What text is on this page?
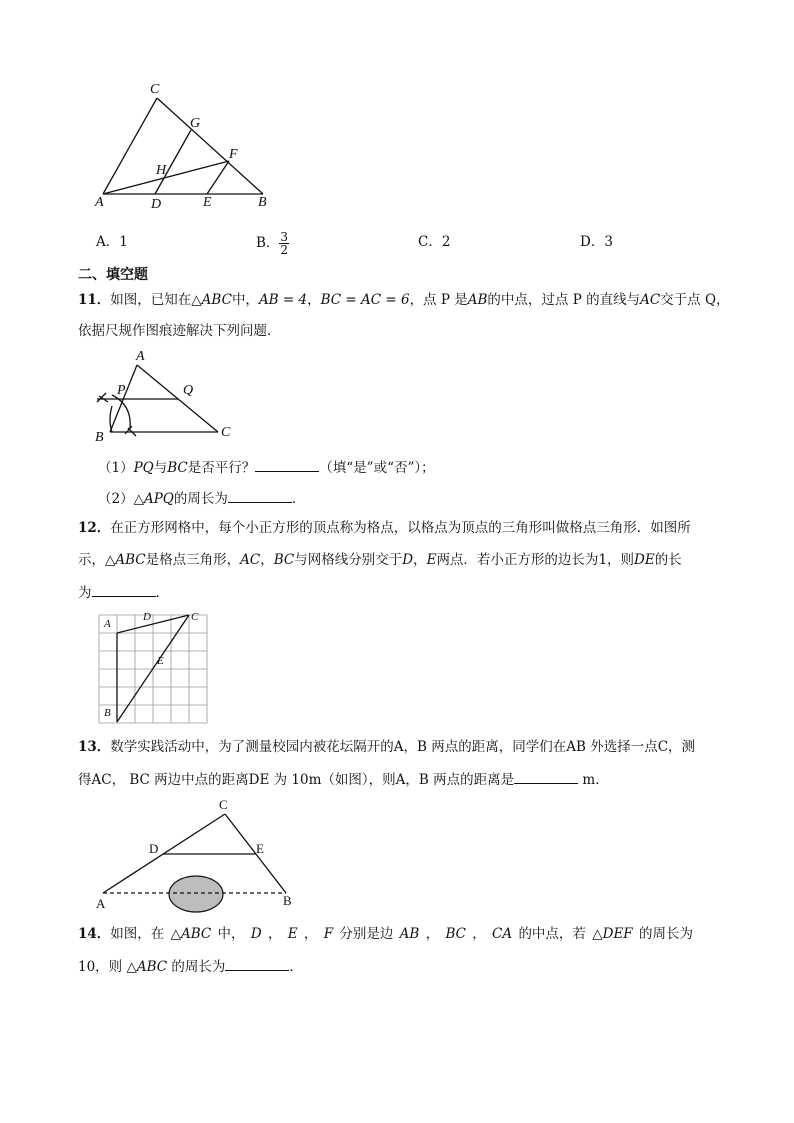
C
G
F
H
A	D	E	B
A．1	B． $\frac{3}{2}$	C．2	D．3
二、填空题
11．如图，已知在△ABC中，AB = 4，BC = AC = 6，点 P 是AB的中点，过点 P 的直线与AC交于点 Q，
依据尺规作图痕迹解决下列问题．
A
P	Q
B	C
（1）PQ与BC是否平行？	（填“是”或“否”）；
（2）△APQ的周长为	．
12．在正方形网格中，每个小正方形的顶点称为格点，以格点为顶点的三角形叫做格点三角形．如图所
示，△ABC是格点三角形，AC，BC与网格线分别交于D，E两点．若小正方形的边长为1，则DE的长
为	．
A
D	C
E
B
13．数学实践活动中，为了测量校园内被花坛隔开的A，B 两点的距离，同学们在AB 外选择一点C，测
得AC， BC 两边中点的距离DE 为 10m（如图），则A，B 两点的距离是	m．
C
D	E
A	B
14．如图，在 △ABC 中， D ， E ， F 分别是边 AB ， BC ， CA 的中点，若 △DEF 的周长为
10，则 △ABC 的周长为	．
